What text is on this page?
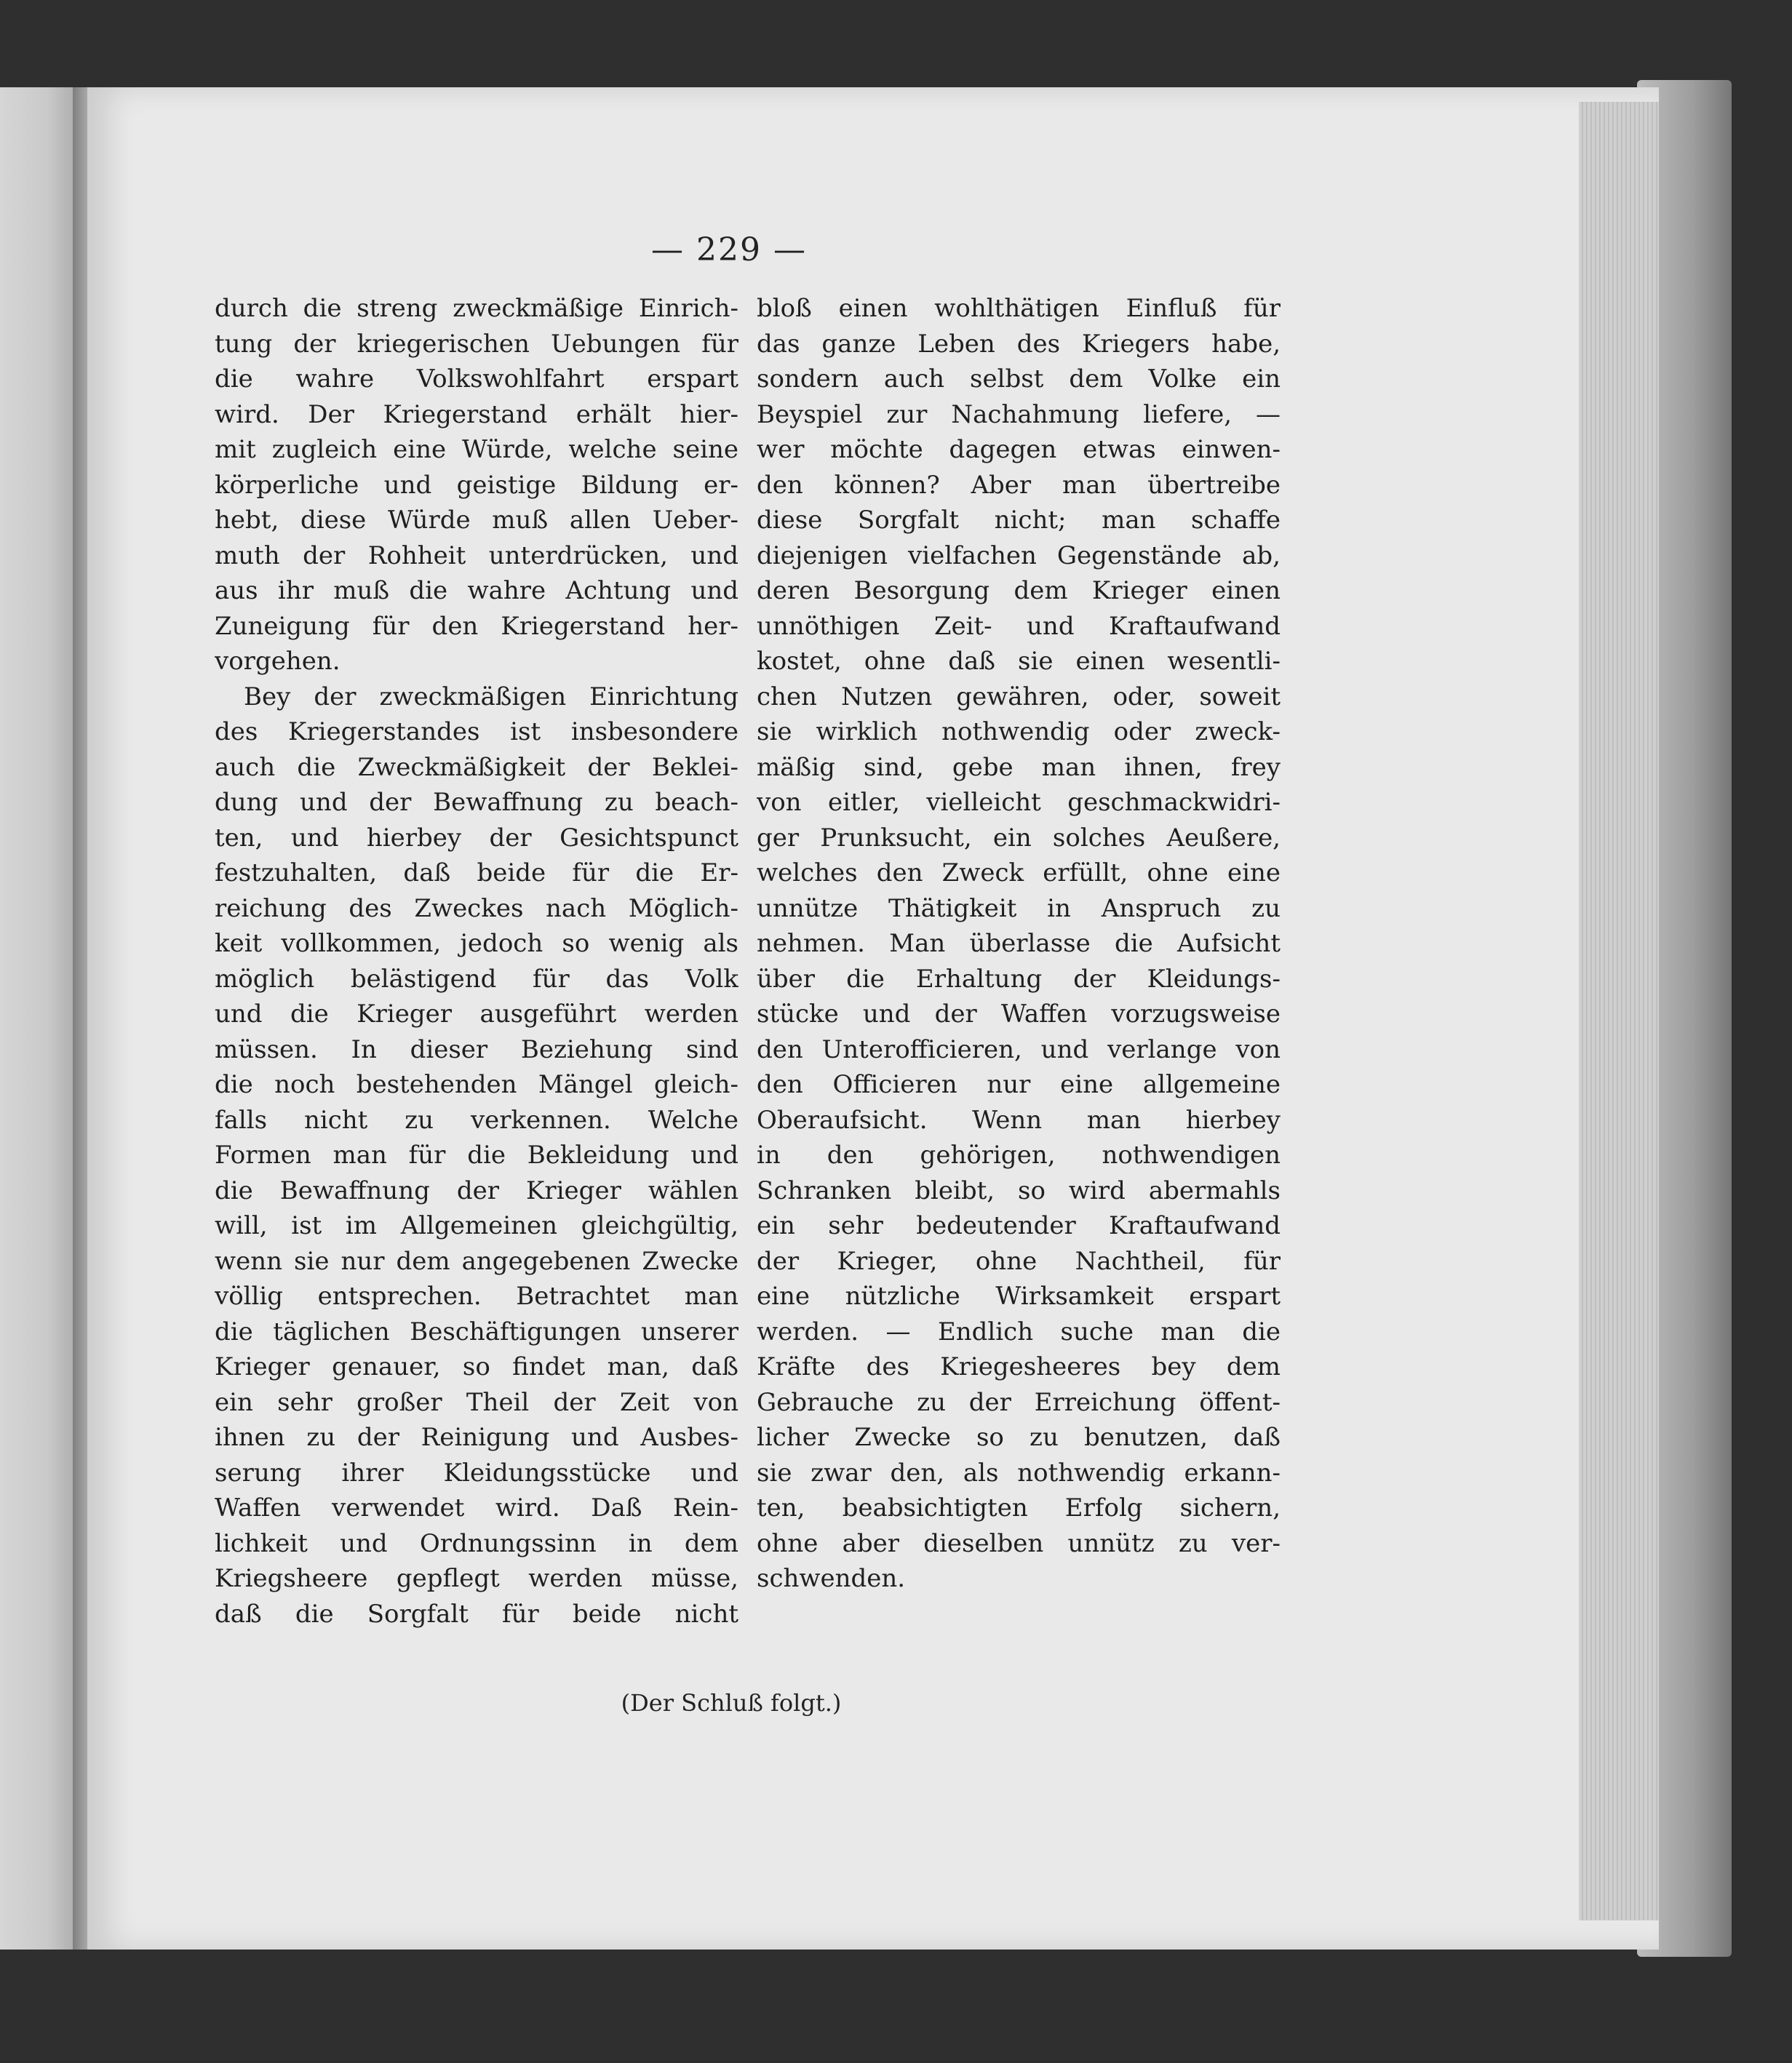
— 229 —

durch die streng zweckmäßige Einrich-
tung der kriegerischen Uebungen für
die wahre Volkswohlfahrt erspart
wird. Der Kriegerstand erhält hier-
mit zugleich eine Würde, welche seine
körperliche und geistige Bildung er-
hebt, diese Würde muß allen Ueber-
muth der Rohheit unterdrücken, und
aus ihr muß die wahre Achtung und
Zuneigung für den Kriegerstand her-
vorgehen.
Bey der zweckmäßigen Einrichtung
des Kriegerstandes ist insbesondere
auch die Zweckmäßigkeit der Beklei-
dung und der Bewaffnung zu beach-
ten, und hierbey der Gesichtspunct
festzuhalten, daß beide für die Er-
reichung des Zweckes nach Möglich-
keit vollkommen, jedoch so wenig als
möglich belästigend für das Volk
und die Krieger ausgeführt werden
müssen. In dieser Beziehung sind
die noch bestehenden Mängel gleich-
falls nicht zu verkennen. Welche
Formen man für die Bekleidung und
die Bewaffnung der Krieger wählen
will, ist im Allgemeinen gleichgültig,
wenn sie nur dem angegebenen Zwecke
völlig entsprechen. Betrachtet man
die täglichen Beschäftigungen unserer
Krieger genauer, so findet man, daß
ein sehr großer Theil der Zeit von
ihnen zu der Reinigung und Ausbes-
serung ihrer Kleidungsstücke und
Waffen verwendet wird. Daß Rein-
lichkeit und Ordnungssinn in dem
Kriegsheere gepflegt werden müsse,
daß die Sorgfalt für beide nicht
bloß einen wohlthätigen Einfluß für
das ganze Leben des Kriegers habe,
sondern auch selbst dem Volke ein
Beyspiel zur Nachahmung liefere, —
wer möchte dagegen etwas einwen-
den können? Aber man übertreibe
diese Sorgfalt nicht; man schaffe
diejenigen vielfachen Gegenstände ab,
deren Besorgung dem Krieger einen
unnöthigen Zeit- und Kraftaufwand
kostet, ohne daß sie einen wesentli-
chen Nutzen gewähren, oder, soweit
sie wirklich nothwendig oder zweck-
mäßig sind, gebe man ihnen, frey
von eitler, vielleicht geschmackwidri-
ger Prunksucht, ein solches Aeußere,
welches den Zweck erfüllt, ohne eine
unnütze Thätigkeit in Anspruch zu
nehmen. Man überlasse die Aufsicht
über die Erhaltung der Kleidungs-
stücke und der Waffen vorzugsweise
den Unterofficieren, und verlange von
den Officieren nur eine allgemeine
Oberaufsicht. Wenn man hierbey
in den gehörigen, nothwendigen
Schranken bleibt, so wird abermahls
ein sehr bedeutender Kraftaufwand
der Krieger, ohne Nachtheil, für
eine nützliche Wirksamkeit erspart
werden. — Endlich suche man die
Kräfte des Kriegesheeres bey dem
Gebrauche zu der Erreichung öffent-
licher Zwecke so zu benutzen, daß
sie zwar den, als nothwendig erkann-
ten, beabsichtigten Erfolg sichern,
ohne aber dieselben unnütz zu ver-
schwenden.

(Der Schluß folgt.)
